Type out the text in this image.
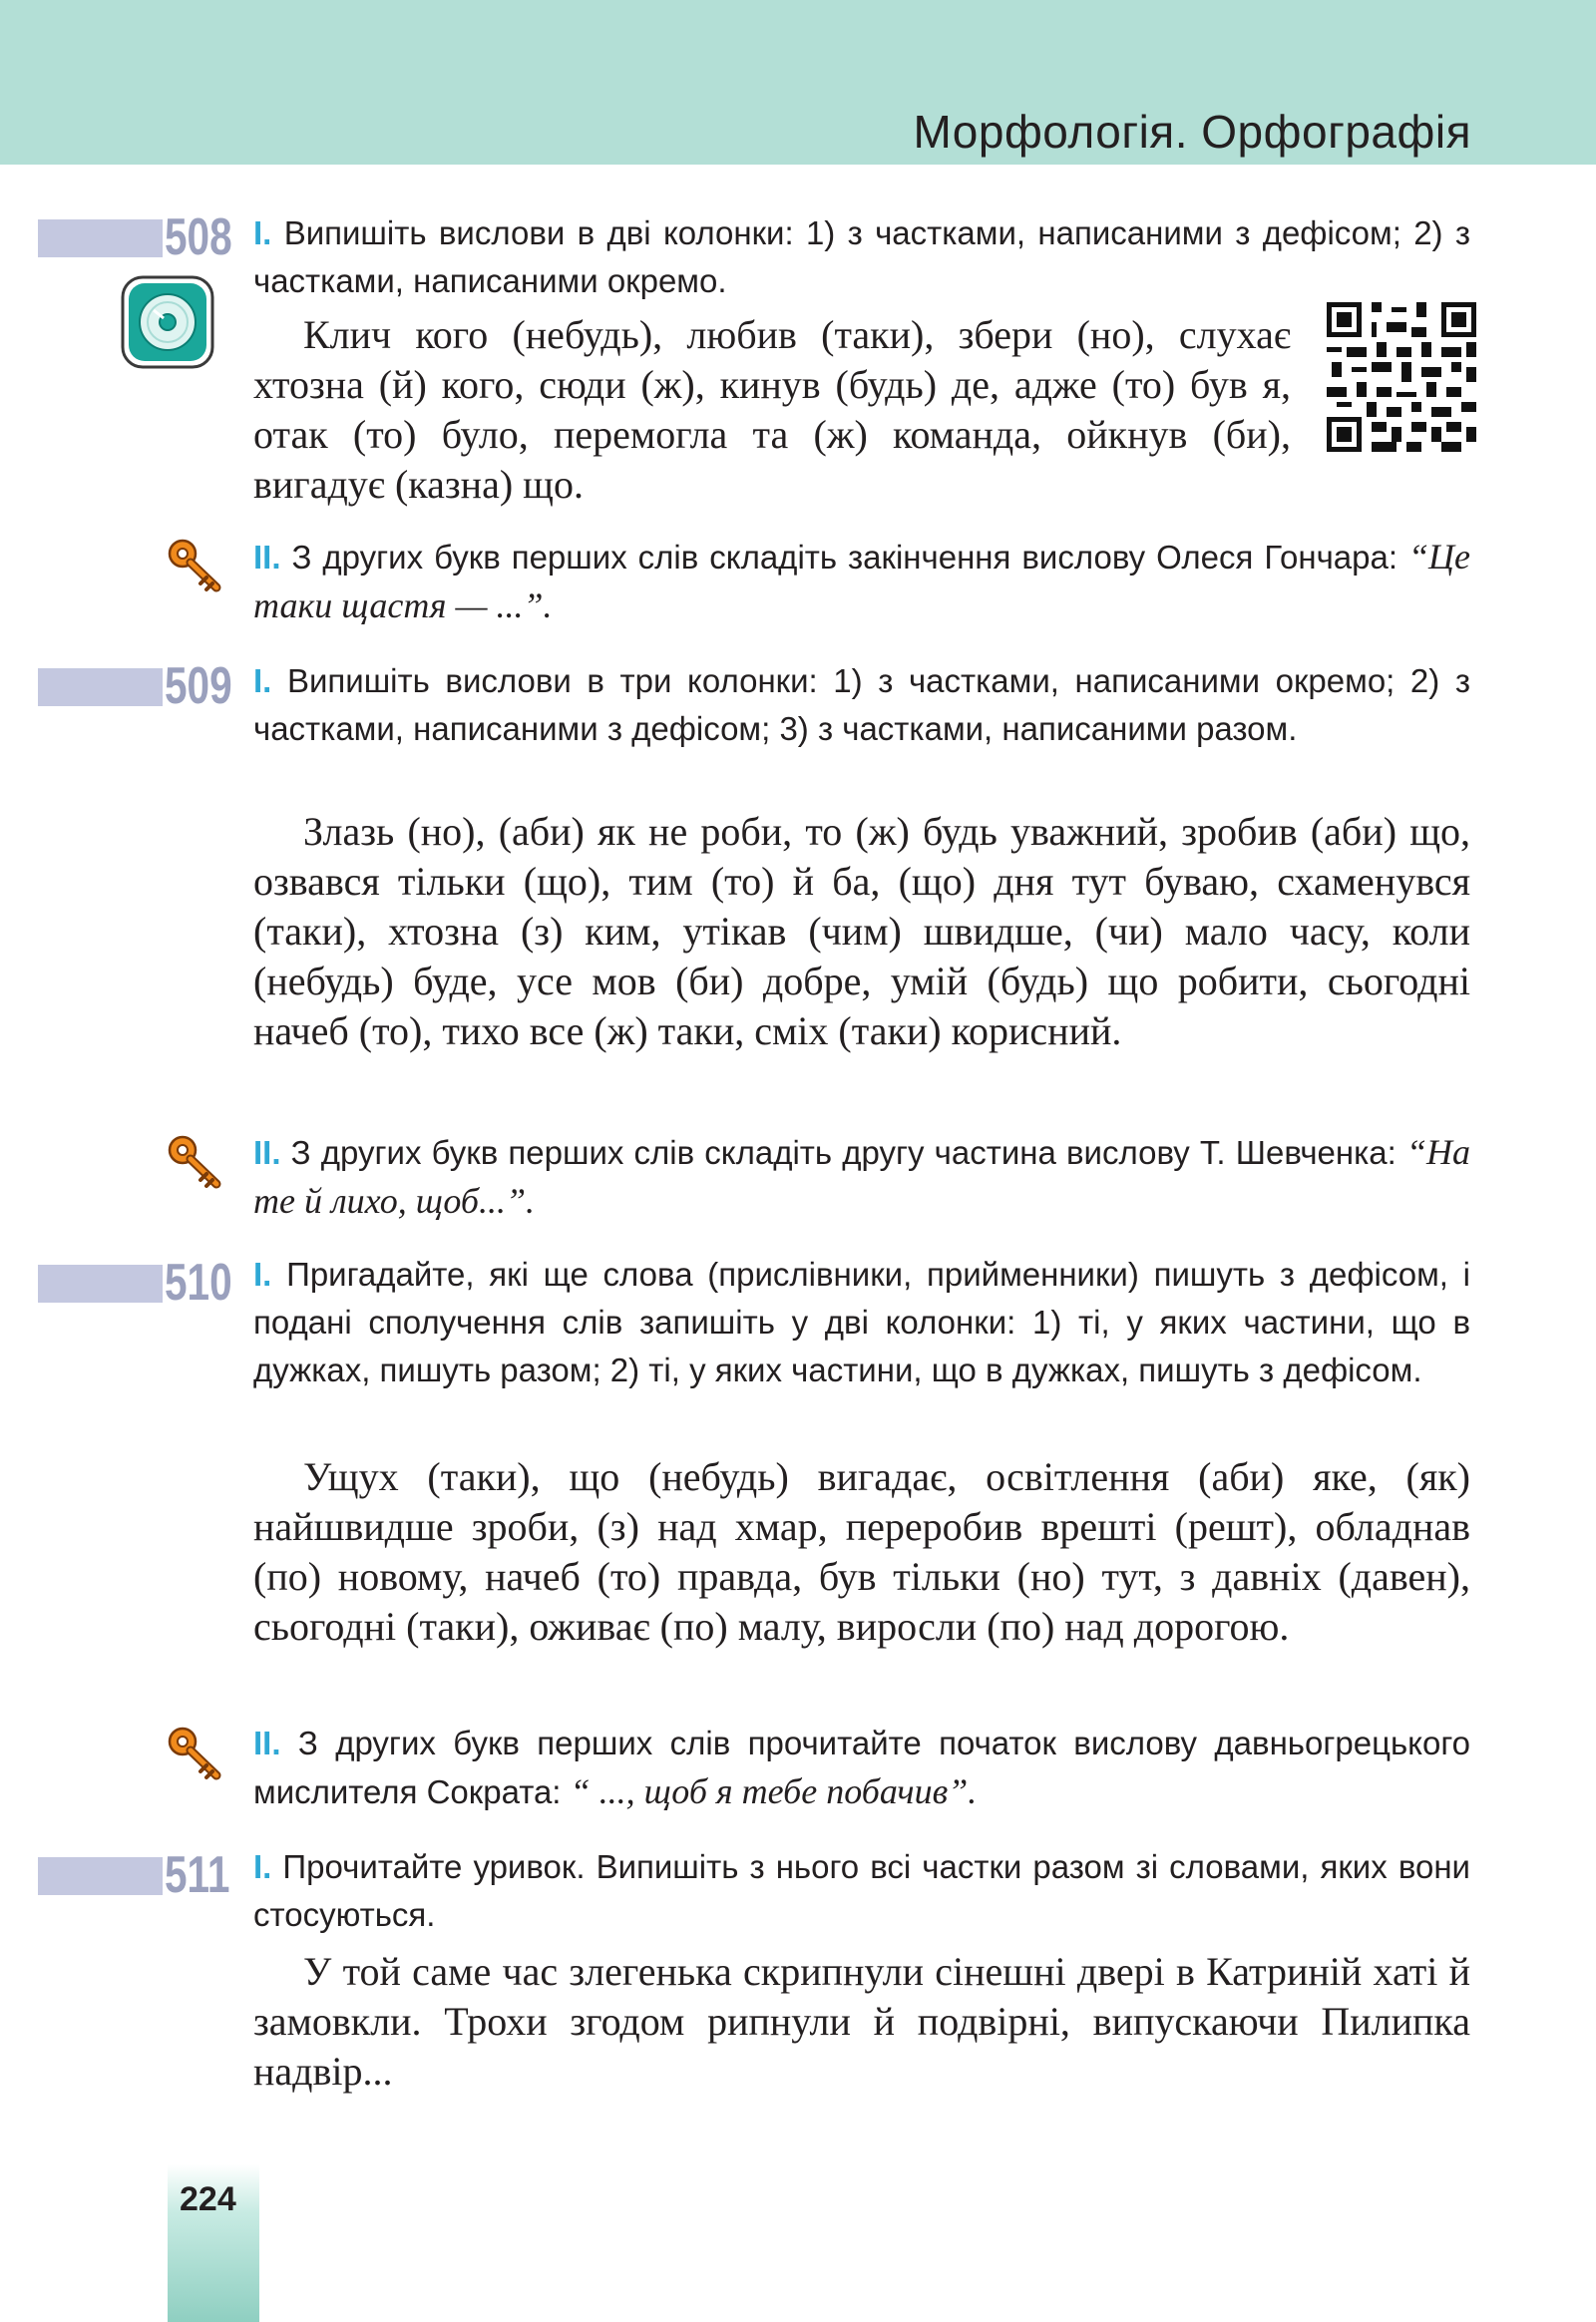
Морфологія. Орфографія
508 І. Випишіть вислови в дві колонки: 1) з частками, написаними з дефісом; 2) з частками, написаними окремо.
Клич кого (небудь), любив (таки), збери (но), слухає хтозна (й) кого, сюди (ж), кинув (будь) де, адже (то) був я, отак (то) було, перемогла та (ж) команда, ойкнув (би), вигадує (казна) що.
ІІ. З других букв перших слів складіть закінчення вислову Олеся Гончара: “Це таки щастя — ...”.
509 І. Випишіть вислови в три колонки: 1) з частками, написаними окремо; 2) з частками, написаними з дефісом; 3) з частками, написаними разом.
Злазь (но), (аби) як не роби, то (ж) будь уважний, зробив (аби) що, озвався тільки (що), тим (то) й ба, (що) дня тут буваю, схаменувся (таки), хтозна (з) ким, утікав (чим) швидше, (чи) мало часу, коли (небудь) буде, усе мов (би) добре, умій (будь) що робити, сьогодні начеб (то), тихо все (ж) таки, сміх (таки) корисний.
ІІ. З других букв перших слів складіть другу частина вислову Т. Шевченка: “На те й лихо, щоб...”.
510 І. Пригадайте, які ще слова (прислівники, прийменники) пишуть з дефісом, і подані сполучення слів запишіть у дві колонки: 1) ті, у яких частини, що в дужках, пишуть разом; 2) ті, у яких частини, що в дужках, пишуть з дефісом.
Ущух (таки), що (небудь) вигадає, освітлення (аби) яке, (як) найшвидше зроби, (з) над хмар, переробив врешті (решт), обладнав (по) новому, начеб (то) правда, був тільки (но) тут, з давніх (давен), сьогодні (таки), оживає (по) малу, виросли (по) над дорогою.
ІІ. З других букв перших слів прочитайте початок вислову давньогрецького мислителя Сократа: “ ..., щоб я тебе побачив”.
511 І. Прочитайте уривок. Випишіть з нього всі частки разом зі словами, яких вони стосуються.
У той саме час злегенька скрипнули сінешні двері в Катриній хаті й замовкли. Трохи згодом рипнули й подвірні, випускаючи Пилипка надвір...
224
